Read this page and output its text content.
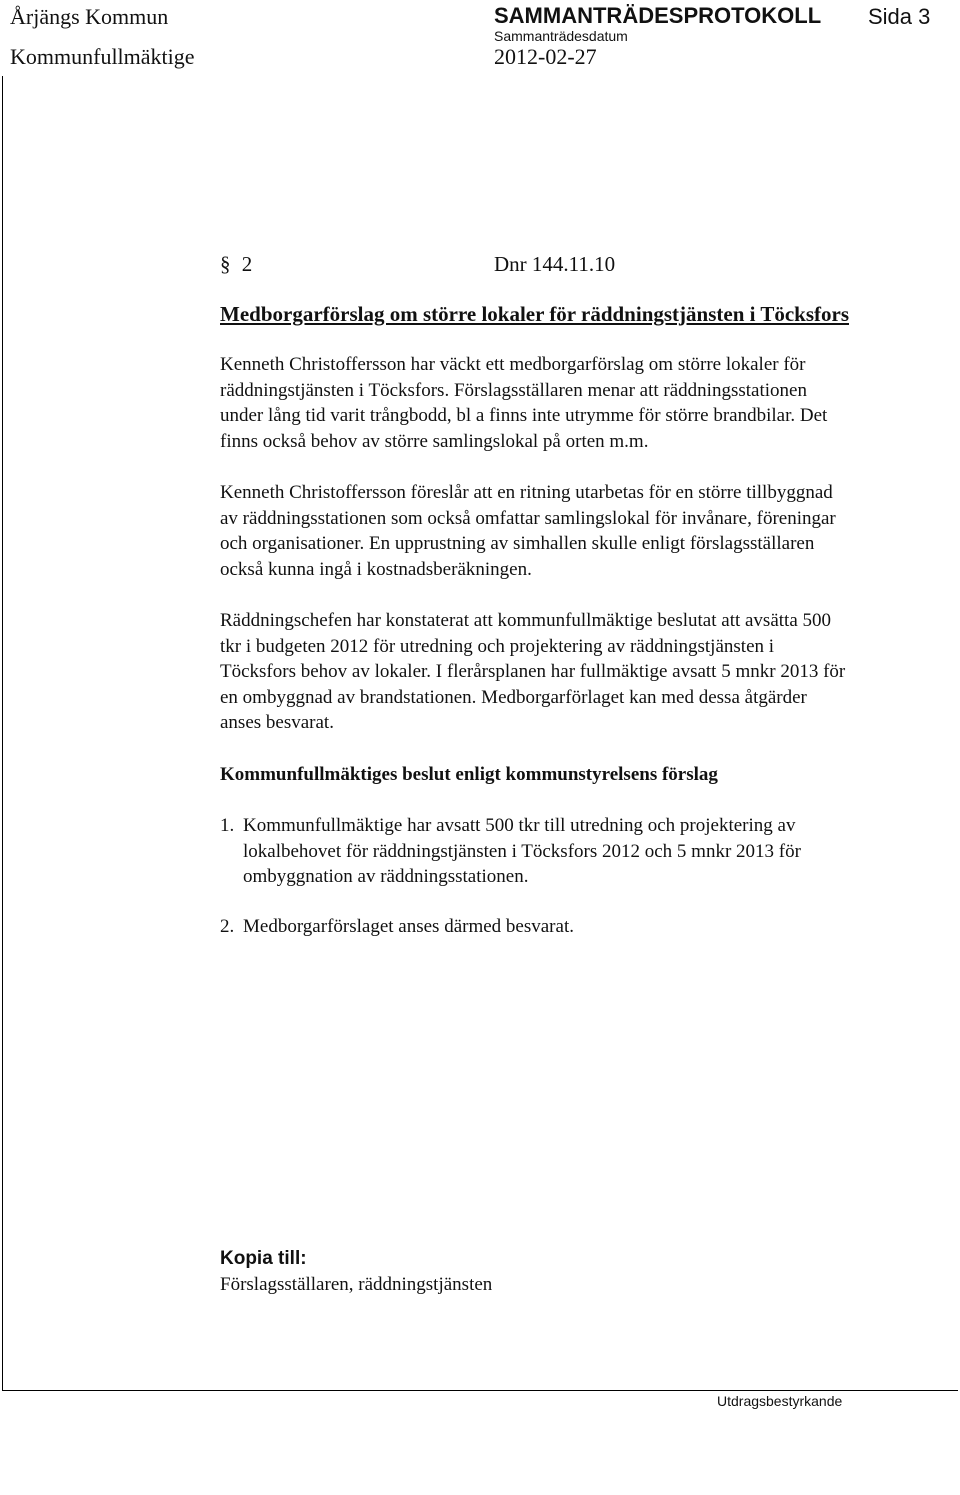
Årjängs Kommun	SAMMANTRÄDESPROTOKOLL Sida 3
Kommunfullmäktige
Sammanträdesdatum
2012-02-27
§ 2	Dnr 144.11.10
Medborgarförslag om större lokaler för räddningstjänsten i Töcksfors
Kenneth Christoffersson har väckt ett medborgarförslag om större lokaler för
räddningstjänsten i Töcksfors. Förslagsställaren menar att räddningsstationen
under lång tid varit trångbodd, bl a finns inte utrymme för större brandbilar. Det
finns också behov av större samlingslokal på orten m.m.
Kenneth Christoffersson föreslår att en ritning utarbetas för en större tillbyggnad
av räddningsstationen som också omfattar samlingslokal för invånare, föreningar
och organisationer. En upprustning av simhallen skulle enligt förslagsställaren
också kunna ingå i kostnadsberäkningen.
Räddningschefen har konstaterat att kommunfullmäktige beslutat att avsätta 500
tkr i budgeten 2012 för utredning och projektering av räddningstjänsten i
Töcksfors behov av lokaler. I flerårsplanen har fullmäktige avsatt 5 mnkr 2013 för
en ombyggnad av brandstationen. Medborgarförlaget kan med dessa åtgärder
anses besvarat.
Kommunfullmäktiges beslut enligt kommunstyrelsens förslag
1. Kommunfullmäktige har avsatt 500 tkr till utredning och projektering av
lokalbehovet för räddningstjänsten i Töcksfors 2012 och 5 mnkr 2013 för
ombyggnation av räddningsstationen.
2. Medborgarförslaget anses därmed besvarat.
Kopia till:
Förslagsställaren, räddningstjänsten
Utdragsbestyrkande
